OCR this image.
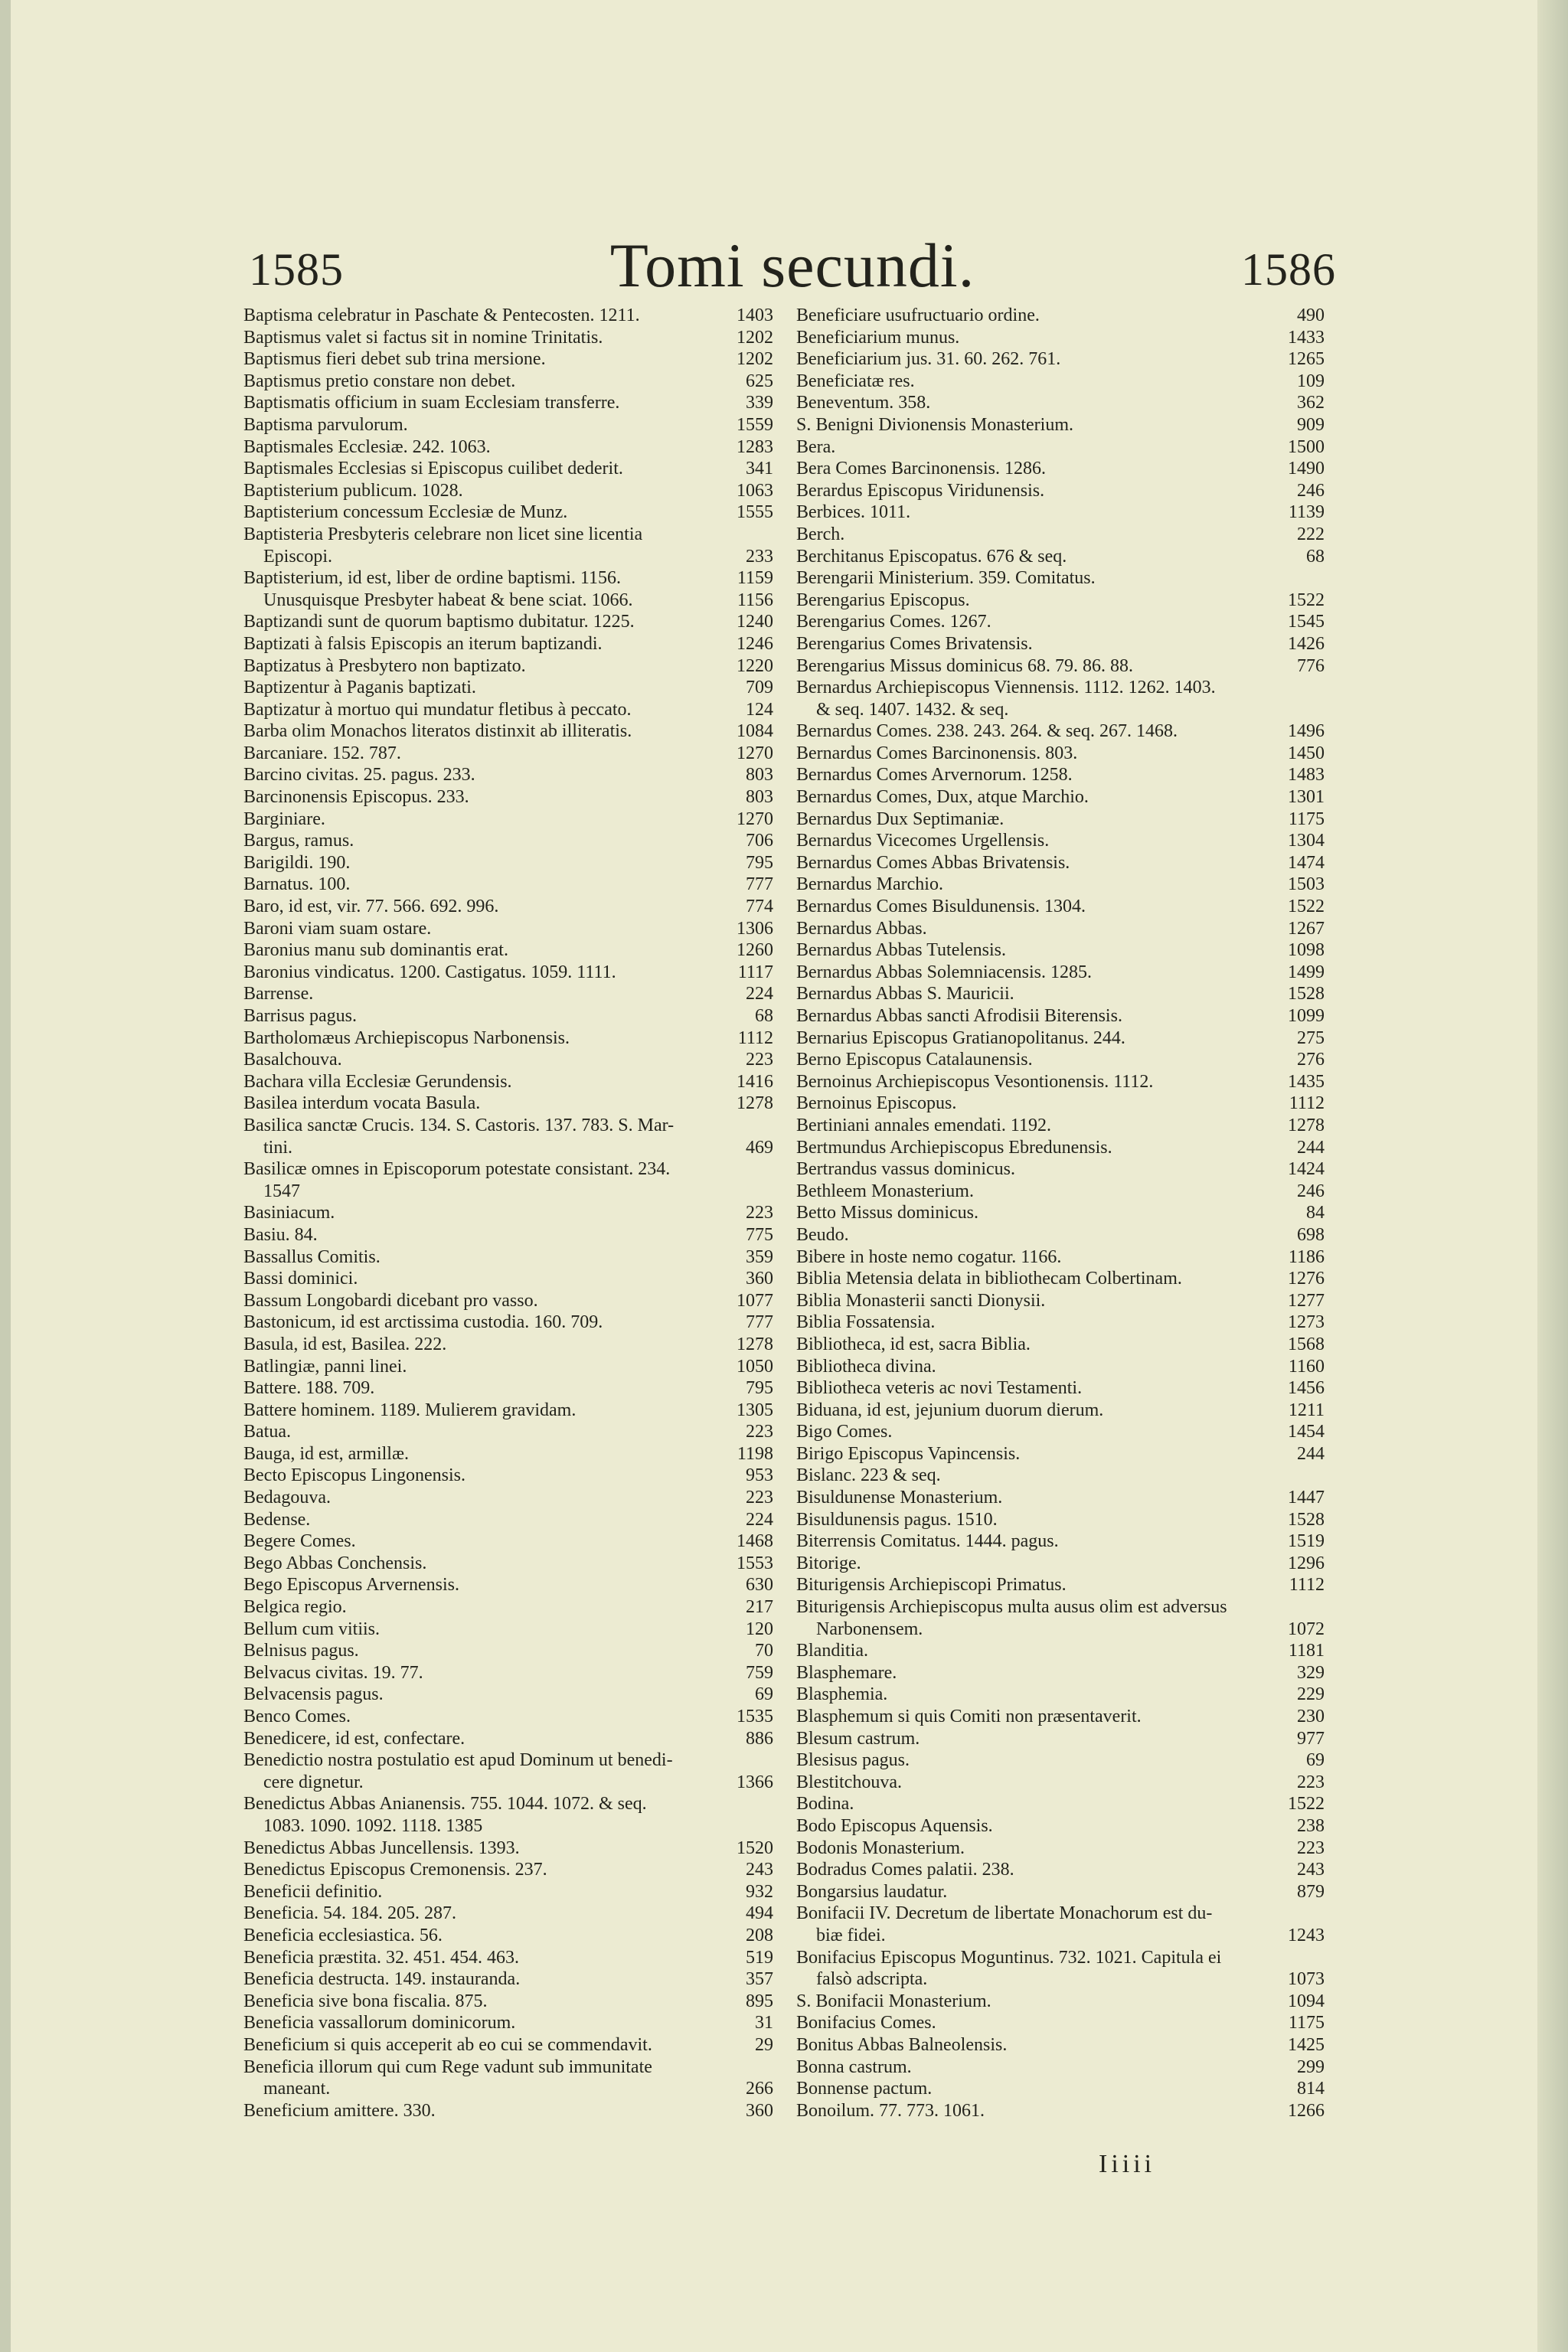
1585	Tomi secundi.	1586
Baptisma celebratur in Paschate & Pentecosten. 1211.	1403
Baptismus valet si factus sit in nomine Trinitatis.	1202
Baptismus fieri debet sub trina mersione.	1202
Baptismus pretio constare non debet.	625
Baptismatis officium in suam Ecclesiam transferre.	339
Baptisma parvulorum.	1559
Baptismales Ecclesiæ. 242. 1063.	1283
Baptismales Ecclesias si Episcopus cuilibet dederit.	341
Baptisterium publicum. 1028.	1063
Baptisterium concessum Ecclesiæ de Munz.	1555
Baptisteria Presbyteris celebrare non licet sine licentia
Episcopi.	233
Baptisterium, id est, liber de ordine baptismi. 1156.	1159
Unusquisque Presbyter habeat & bene sciat. 1066.	1156
Baptizandi sunt de quorum baptismo dubitatur. 1225.	1240
Baptizati à falsis Episcopis an iterum baptizandi.	1246
Baptizatus à Presbytero non baptizato.	1220
Baptizentur à Paganis baptizati.	709
Baptizatur à mortuo qui mundatur fletibus à peccato.	124
Barba olim Monachos literatos distinxit ab illiteratis.	1084
Barcaniare. 152. 787.	1270
Barcino civitas. 25. pagus. 233.	803
Barcinonensis Episcopus. 233.	803
Barginiare.	1270
Bargus, ramus.	706
Barigildi. 190.	795
Barnatus. 100.	777
Baro, id est, vir. 77. 566. 692. 996.	774
Baroni viam suam ostare.	1306
Baronius manu sub dominantis erat.	1260
Baronius vindicatus. 1200. Castigatus. 1059. 1111.	1117
Barrense.	224
Barrisus pagus.	68
Bartholomæus Archiepiscopus Narbonensis.	1112
Basalchouva.	223
Bachara villa Ecclesiæ Gerundensis.	1416
Basilea interdum vocata Basula.	1278
Basilica sanctæ Crucis. 134. S. Castoris. 137. 783. S. Mar-
tini.	469
Basilicæ omnes in Episcoporum potestate consistant. 234.
1547
Basiniacum.	223
Basiu. 84.	775
Bassallus Comitis.	359
Bassi dominici.	360
Bassum Longobardi dicebant pro vasso.	1077
Bastonicum, id est arctissima custodia. 160. 709.	777
Basula, id est, Basilea. 222.	1278
Batlingiæ, panni linei.	1050
Battere. 188. 709.	795
Battere hominem. 1189. Mulierem gravidam.	1305
Batua.	223
Bauga, id est, armillæ.	1198
Becto Episcopus Lingonensis.	953
Bedagouva.	223
Bedense.	224
Begere Comes.	1468
Bego Abbas Conchensis.	1553
Bego Episcopus Arvernensis.	630
Belgica regio.	217
Bellum cum vitiis.	120
Belnisus pagus.	70
Belvacus civitas. 19. 77.	759
Belvacensis pagus.	69
Benco Comes.	1535
Benedicere, id est, confectare.	886
Benedictio nostra postulatio est apud Dominum ut benedi-
cere dignetur.	1366
Benedictus Abbas Anianensis. 755. 1044. 1072. & seq.
1083. 1090. 1092. 1118. 1385
Benedictus Abbas Juncellensis. 1393.	1520
Benedictus Episcopus Cremonensis. 237.	243
Beneficii definitio.	932
Beneficia. 54. 184. 205. 287.	494
Beneficia ecclesiastica. 56.	208
Beneficia præstita. 32. 451. 454. 463.	519
Beneficia destructa. 149. instauranda.	357
Beneficia sive bona fiscalia. 875.	895
Beneficia vassallorum dominicorum.	31
Beneficium si quis acceperit ab eo cui se commendavit.	29
Beneficia illorum qui cum Rege vadunt sub immunitate
maneant.	266
Beneficium amittere. 330.	360
Beneficiare usufructuario ordine.	490
Beneficiarium munus.	1433
Beneficiarium jus. 31. 60. 262. 761.	1265
Beneficiatæ res.	109
Beneventum. 358.	362
S. Benigni Divionensis Monasterium.	909
Bera.	1500
Bera Comes Barcinonensis. 1286.	1490
Berardus Episcopus Viridunensis.	246
Berbices. 1011.	1139
Berch.	222
Berchitanus Episcopatus. 676 & seq.	68
Berengarii Ministerium. 359. Comitatus.
Berengarius Episcopus.	1522
Berengarius Comes. 1267.	1545
Berengarius Comes Brivatensis.	1426
Berengarius Missus dominicus 68. 79. 86. 88.	776
Bernardus Archiepiscopus Viennensis. 1112. 1262. 1403.
& seq. 1407. 1432. & seq.
Bernardus Comes. 238. 243. 264. & seq. 267. 1468.	1496
Bernardus Comes Barcinonensis. 803.	1450
Bernardus Comes Arvernorum. 1258.	1483
Bernardus Comes, Dux, atque Marchio.	1301
Bernardus Dux Septimaniæ.	1175
Bernardus Vicecomes Urgellensis.	1304
Bernardus Comes Abbas Brivatensis.	1474
Bernardus Marchio.	1503
Bernardus Comes Bisuldunensis. 1304.	1522
Bernardus Abbas.	1267
Bernardus Abbas Tutelensis.	1098
Bernardus Abbas Solemniacensis. 1285.	1499
Bernardus Abbas S. Mauricii.	1528
Bernardus Abbas sancti Afrodisii Biterensis.	1099
Bernarius Episcopus Gratianopolitanus. 244.	275
Berno Episcopus Catalaunensis.	276
Bernoinus Archiepiscopus Vesontionensis. 1112.	1435
Bernoinus Episcopus.	1112
Bertiniani annales emendati. 1192.	1278
Bertmundus Archiepiscopus Ebredunensis.	244
Bertrandus vassus dominicus.	1424
Bethleem Monasterium.	246
Betto Missus dominicus.	84
Beudo.	698
Bibere in hoste nemo cogatur. 1166.	1186
Biblia Metensia delata in bibliothecam Colbertinam.	1276
Biblia Monasterii sancti Dionysii.	1277
Biblia Fossatensia.	1273
Bibliotheca, id est, sacra Biblia.	1568
Bibliotheca divina.	1160
Bibliotheca veteris ac novi Testamenti.	1456
Biduana, id est, jejunium duorum dierum.	1211
Bigo Comes.	1454
Birigo Episcopus Vapincensis.	244
Bislanc. 223 & seq.
Bisuldunense Monasterium.	1447
Bisuldunensis pagus. 1510.	1528
Biterrensis Comitatus. 1444. pagus.	1519
Bitorige.	1296
Biturigensis Archiepiscopi Primatus.	1112
Biturigensis Archiepiscopus multa ausus olim est adversus
Narbonensem.	1072
Blanditia.	1181
Blasphemare.	329
Blasphemia.	229
Blasphemum si quis Comiti non præsentaverit.	230
Blesum castrum.	977
Blesisus pagus.	69
Blestitchouva.	223
Bodina.	1522
Bodo Episcopus Aquensis.	238
Bodonis Monasterium.	223
Bodradus Comes palatii. 238.	243
Bongarsius laudatur.	879
Bonifacii IV. Decretum de libertate Monachorum est du-
biæ fidei.	1243
Bonifacius Episcopus Moguntinus. 732. 1021. Capitula ei
falsò adscripta.	1073
S. Bonifacii Monasterium.	1094
Bonifacius Comes.	1175
Bonitus Abbas Balneolensis.	1425
Bonna castrum.	299
Bonnense pactum.	814
Bonoilum. 77. 773. 1061.	1266
Iiiii
